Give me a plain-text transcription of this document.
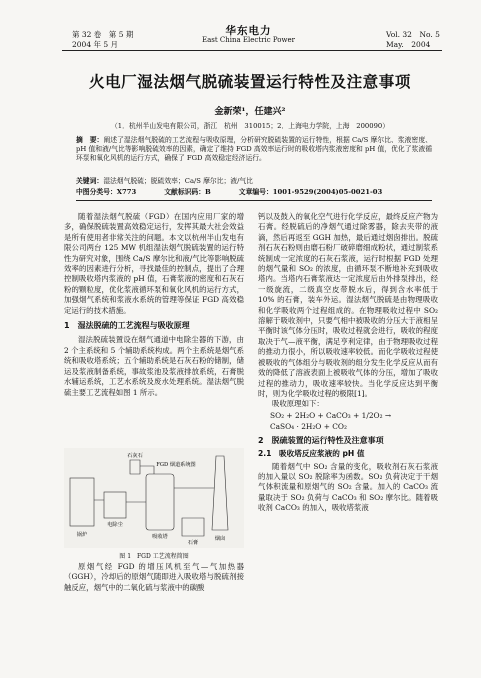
第 32 卷　第 5 期
2004 年 5 月
华东电力
East China Electric Power
Vol. 32　No. 5
May.　2004
火电厂湿法烟气脱硫装置运行特性及注意事项
金新荣¹，任建兴²
（1．杭州半山发电有限公司，浙江　杭州　310015；2．上海电力学院，上海　200090）
摘　要：阐述了湿法烟气脱硫的工艺流程与吸收原理，分析研究脱硫装置的运行特性，根据 Ca/S 摩尔比、浆液密度、pH 值和液/气比等影响脱硫效率的因素，确定了维持 FGD 高效率运行时的吸收塔内浆液密度和 pH 值，优化了浆液循环泵和氧化风机的运行方式，确保了 FGD 高效稳定经济运行。
关键词：湿法烟气脱硫；脱硫效率；Ca/S 摩尔比；液/气比
中图分类号：X773	文献标识码：B	文章编号：1001-9529(2004)05-0021-03

随着湿法烟气脱硫（FGD）在国内应用厂家的增多，确保脱硫装置高效稳定运行，发挥其最大社会效益是所有使用者非常关注的问题。本文以杭州半山发电有限公司两台 125 MW 机组湿法烟气脱硫装置的运行特性为研究对象，围绕 Ca/S 摩尔比和液/气比等影响脱硫效率的因素进行分析，寻找最佳的控制点，提出了合理控制吸收塔内浆液的 pH 值，石膏浆液的密度和石灰石粉的颗粒度，优化浆液循环泵和氧化风机的运行方式，加强烟气系统和浆液水系统的管理等保证 FGD 高效稳定运行的技术措施。

1　湿法脱硫的工艺流程与吸收原理

湿法脱硫装置设在烟气通道中电除尘器的下游，由 2 个主系统和 5 个辅助系统构成。两个主系统是烟气系统和吸收塔系统；五个辅助系统是石灰石粉的储制，储运及浆液制备系统，事故浆池及浆液排放系统，石膏脱水辅运系统，工艺水系统及废水处理系统。湿法烟气脱硫主要工艺流程如图 1 所示。

锅炉
电除尘
吸收塔	烟囱
石灰石
石膏
FGD 烟道系统图
图 1　FGD 工艺流程简图

原烟气经 FGD 的增压风机至气—气加热器（GGH），冷却后的原烟气随即进入吸收塔与脱硫剂接触反应，烟气中的二氧化硫与浆液中的碳酸

钙以及鼓入的氧化空气进行化学反应，最终反应产物为石膏。经脱硫后的净烟气通过除雾器，除去夹带的液滴，然后再返至 GGH 加热，最后通过烟囱排出。脱硫剂石灰石粉则由磨石粉厂破碎磨细成粉状，通过制浆系统制成一定浓度的石灰石浆液，运行时根据 FGD 处理的烟气量和 SO₂ 的浓度，由循环泵不断地补充到吸收塔内。当塔内石膏浆液达一定浓度后由外排泵排出，经一级旋流，二级真空皮带脱水后，得到含水率低于 10% 的石膏，装车外运。湿法烟气脱硫是由物理吸收和化学吸收两个过程组成的。在物理吸收过程中 SO₂ 溶解于吸收剂中，只要气相中被吸收的分压大于液相呈平衡时该气体分压时，吸收过程就会进行，吸收的程度取决于气—液平衡，满足亨利定律，由于物理吸收过程的推动力很小，所以吸收速率较低。而化学吸收过程使被吸收的气体组分与吸收剂的组分发生化学反应从而有效的降低了溶液表面上被吸收气体的分压，增加了吸收过程的推动力，吸收速率较快。当化学反应达到平衡时，则为化学吸收过程的极限[1]。

吸收原理如下：

SO₂ + 2H₂O + CaCO₃ + 1/2O₂ →
CaSO₄ · 2H₂O + CO₂
2　脱硫装置的运行特性及注意事项
2.1　吸收塔反应浆液的 pH 值

随着烟气中 SO₂ 含量的变化，吸收剂石灰石浆液的加入量以 SO₂ 脱除率为函数。SO₂ 负荷决定于干烟气体积流量和原烟气的 SO₂ 含量。加入的 CaCO₃ 流量取决于 SO₂ 负荷与 CaCO₃ 和 SO₂ 摩尔比。随着吸收剂 CaCO₃ 的加入，吸收塔浆液
